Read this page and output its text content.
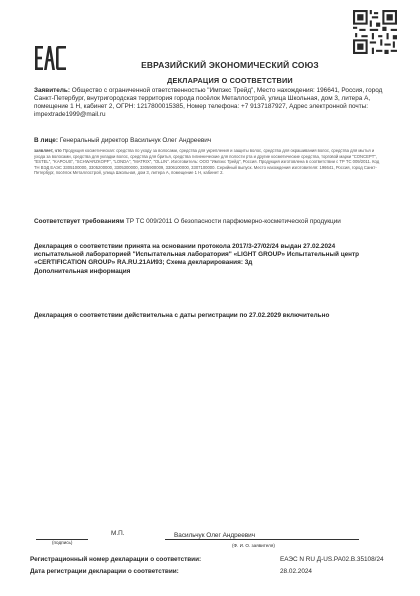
ЕВРАЗИЙСКИЙ ЭКОНОМИЧЕСКИЙ СОЮЗ
ДЕКЛАРАЦИЯ О СООТВЕТСТВИИ
Заявитель: Общество с ограниченной ответственностью "Импэкс Трейд", Место нахождения: 196641, Россия, город Санкт-Петербург, внутригородская территория города посёлок Металлострой, улица Школьная, дом 3, литера А, помещение 1 Н, кабинет 2, ОГРН: 1217800015385, Номер телефона: +7 9137187927, Адрес электронной почты: impextrade1999@mail.ru
В лице: Генеральный директор Васильчук Олег Андреевич
заявляет, что Продукция косметическая: средства по уходу за волосами, средства для укрепления и защиты волос, средства для окрашивания волос, средства для мытья и ухода за волосами, средства для укладки волос, средства для бритья, средства гигиенические для полости рта и другие косметические средства, торговой марки "CONCEPT", "ESTEL", "KAPOUS", "SCHWARZKOPF", "LONDA", "MATRIX", "OLLIN". Изготовитель: ООО "Импэкс Трейд", Россия. Продукция изготовлена в соответствии с ТР ТС 009/2011. Код ТН ВЭД ЕАЭС 3305100000, 3305200000, 3305300000, 3305900009, 3306100000, 3307100000. Серийный выпуск. Место нахождения изготовителя: 196641, Россия, город Санкт-Петербург, посёлок Металлострой, улица Школьная, дом 3, литера А, помещение 1 Н, кабинет 2.
Соответствует требованиям ТР ТС 009/2011 О безопасности парфюмерно-косметической продукции
Декларация о соответствии принята на основании протокола 2017/3-27/02/24 выдан 27.02.2024 испытательной лабораторией "Испытательная лаборатория" «LIGHT GROUP» Испытательный центр «CERTIFICATION GROUP» RA.RU.21АИ93; Схема декларирования: 3д
Дополнительная информация
Декларация о соответствии действительна с даты регистрации по 27.02.2029 включительно
(подпись)
М.П.	Васильчук Олег Андреевич
(Ф. И. О. заявителя)
Регистрационный номер декларации о соответствии:	ЕАЭС N RU Д-US.РА02.В.35108/24
Дата регистрации декларации о соответствии:	28.02.2024
